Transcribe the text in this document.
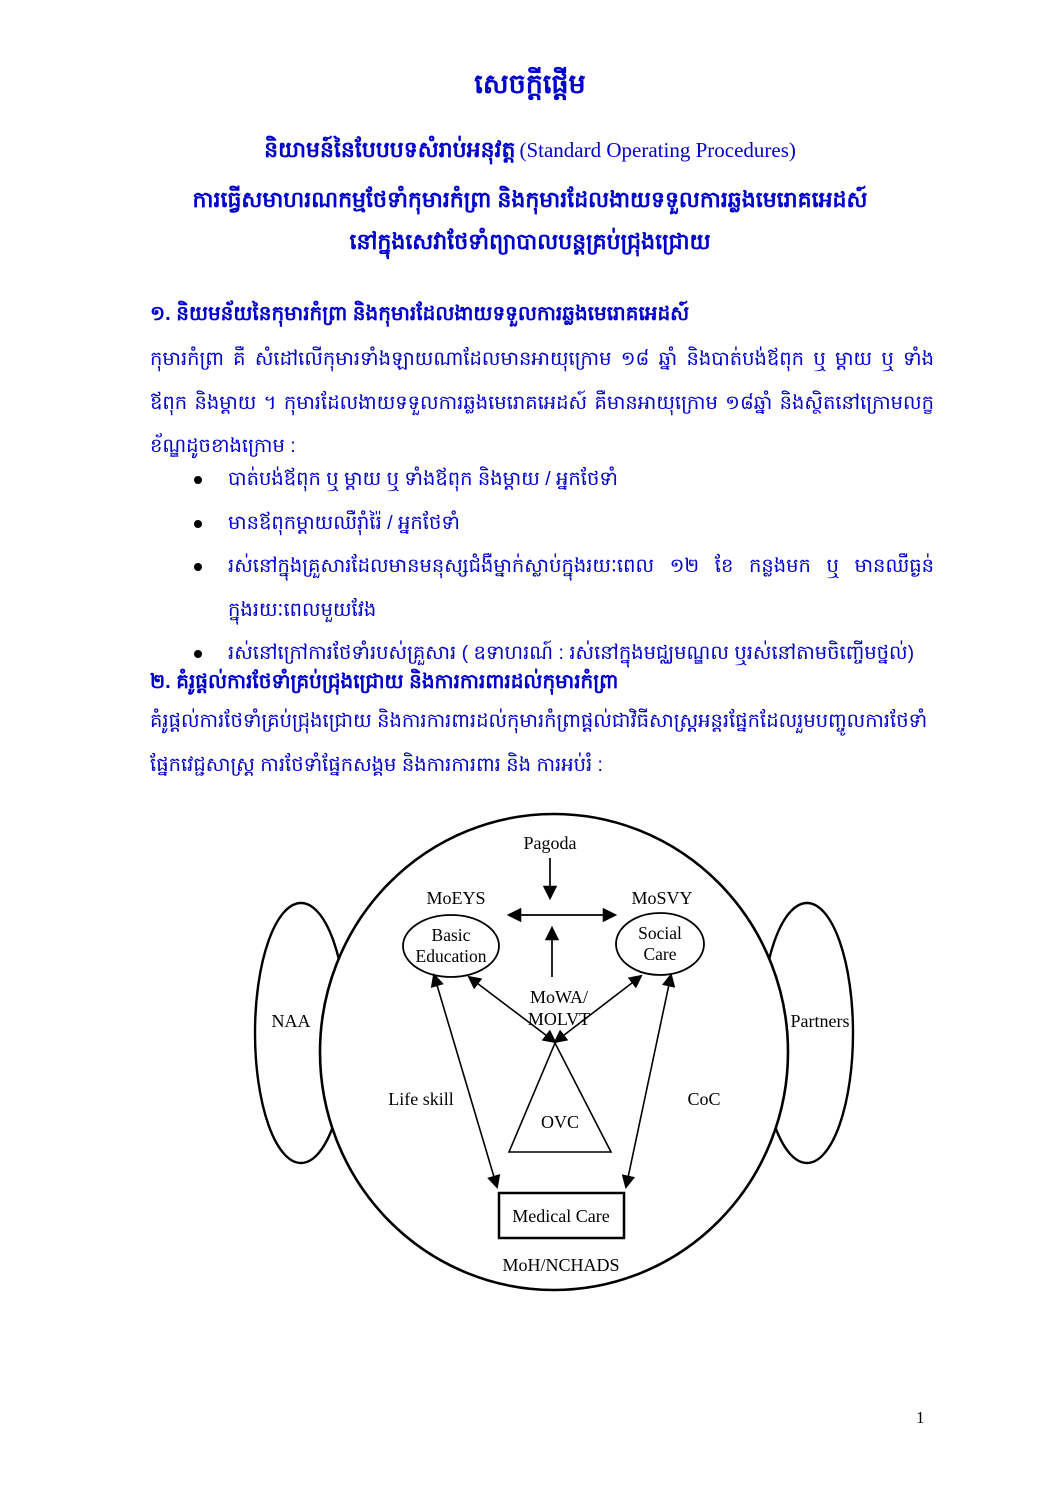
សេចក្ដីផ្ដើម
និយាមន៍នៃបែបបទសំរាប់អនុវត្ត (Standard Operating Procedures)
ការធ្វើសមាហរណកម្មថែទាំកុមារកំព្រា និងកុមារដែលងាយទទួលការឆ្លងមេរោគអេដស៍
នៅក្នុងសេវាថែទាំព្យាបាលបន្តគ្រប់ជ្រុងជ្រោយ
១. និយមន័យនៃកុមារកំព្រា និងកុមារដែលងាយទទួលការឆ្លងមេរោគអេដស៍
កុមារកំព្រា គឺ សំដៅលើកុមារទាំងឡាយណាដែលមានអាយុក្រោម ១៨ ឆ្នាំ និងបាត់បង់ឪពុក ឬ ម្ដាយ ឬ ទាំងឪពុក និងម្ដាយ ។ កុមារដែលងាយទទួលការឆ្លងមេរោគអេដស៍ គឺមានអាយុក្រោម ១៨ឆ្នាំ និងស្ថិតនៅក្រោមលក្ខខ័ណ្ឌដូចខាងក្រោម :
បាត់បង់ឪពុក ឬ ម្ដាយ ឬ ទាំងឪពុក និងម្ដាយ / អ្នកថែទាំ
មានឪពុកម្ដាយឈឺរ៉ាំរ៉ៃ / អ្នកថែទាំ
រស់នៅក្នុងគ្រួសារដែលមានមនុស្សជំងឺម្នាក់ស្លាប់ក្នុងរយៈពេល ១២ ខែ កន្លងមក ឬ មានឈឺធ្ងន់ក្នុងរយៈពេលមួយវែង
រស់នៅក្រៅការថែទាំរបស់គ្រួសារ ( ឧទាហរណ៍ : រស់នៅក្នុងមជ្ឈមណ្ឌល ឬរស់នៅតាមចិញ្ចើមថ្នល់)
២. គំរូផ្ដល់ការថែទាំគ្រប់ជ្រុងជ្រោយ និងការការពារដល់កុមារកំព្រា
គំរូផ្ដល់ការថែទាំគ្រប់ជ្រុងជ្រោយ និងការការពារដល់កុមារកំព្រាផ្ដល់ជាវិធីសាស្ត្រអន្តរផ្នែកដែលរួមបញ្ចូលការថែទាំ ផ្នែកវេជ្ជសាស្ត្រ ការថែទាំផ្នែកសង្គម និងការការពារ និង ការអប់រំ :
NAA	Partners
Pagoda
MoEYS	MoSVY
Basic
Education
Social
Care
MoWA/
MOLVT
OVC
Life skill	CoC
Medical Care
MoH/NCHADS
1
